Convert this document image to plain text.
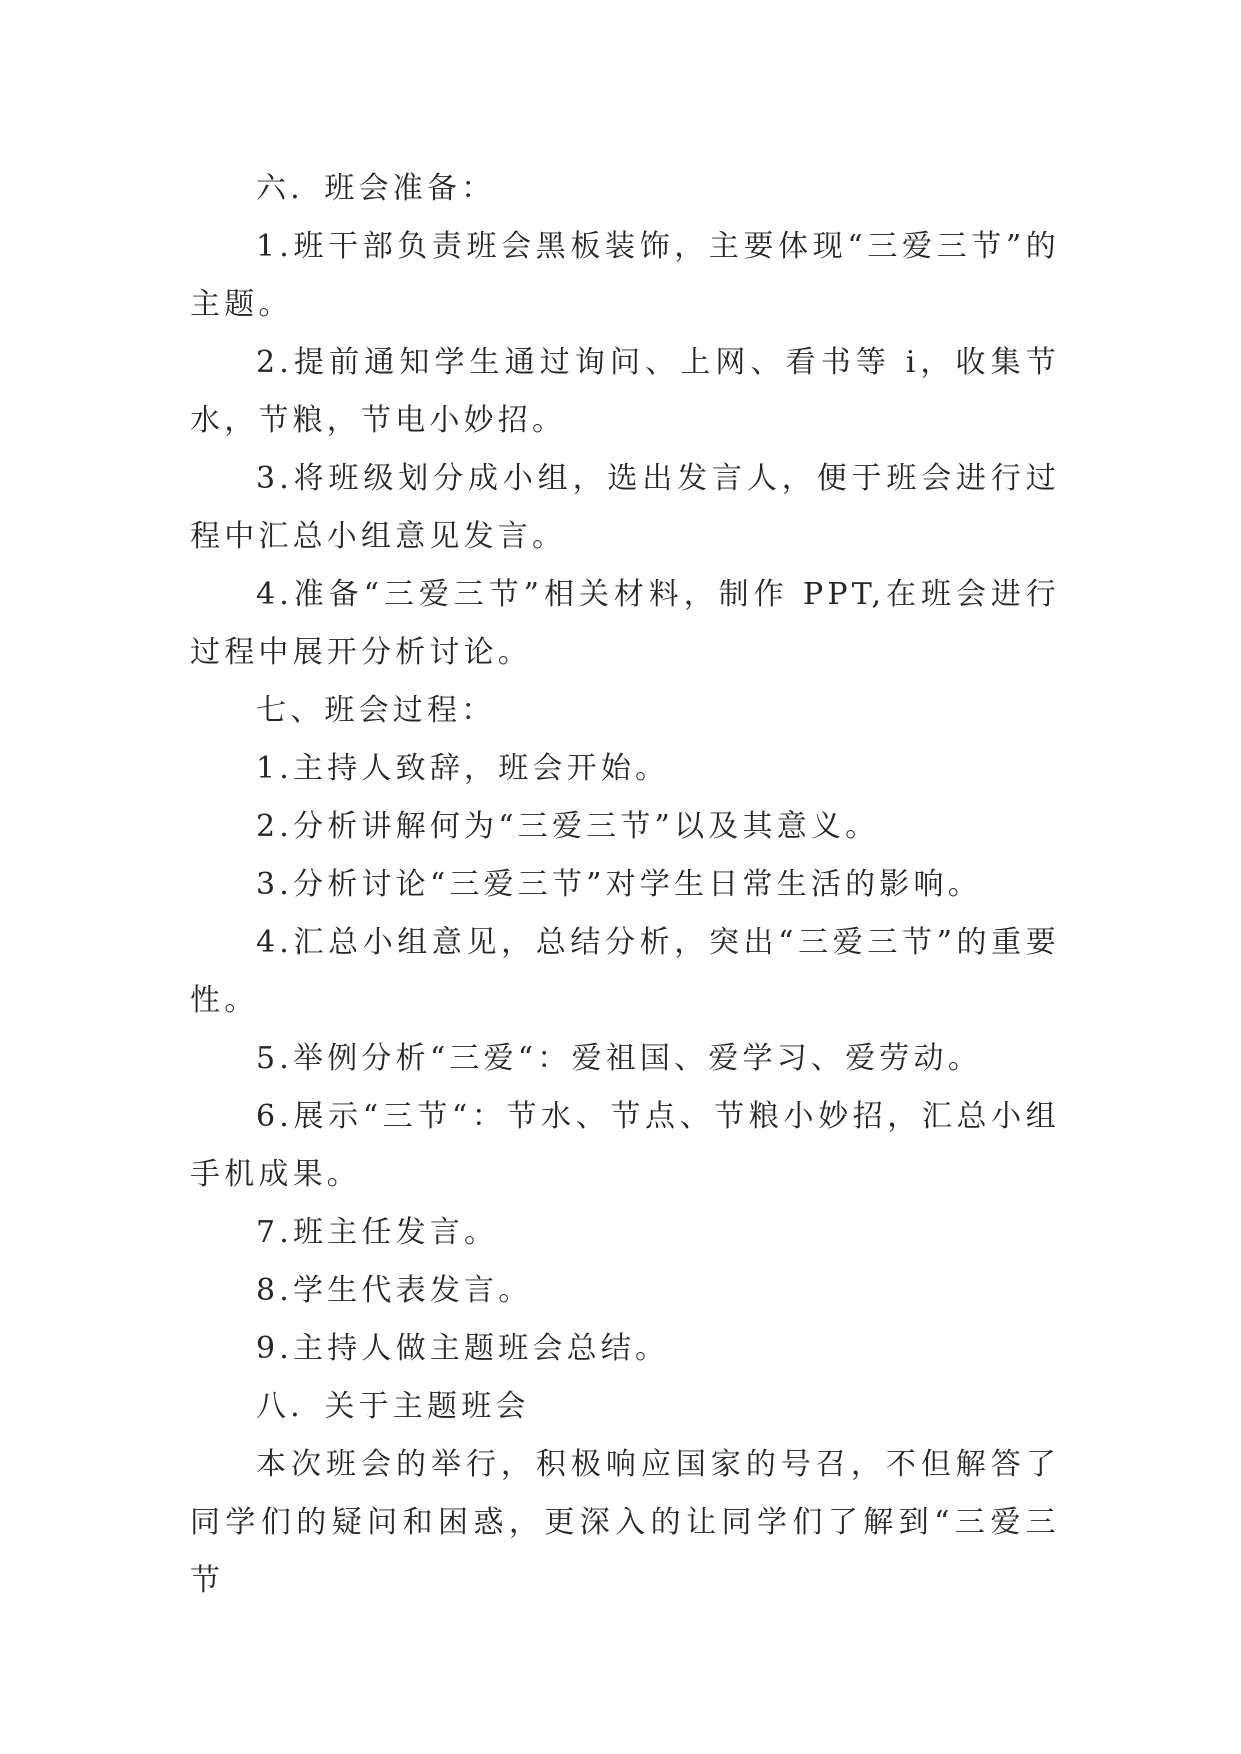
六．班会准备：

1.班干部负责班会黑板装饰，主要体现“三爱三节”的主题。

2.提前通知学生通过询问、上网、看书等 i，收集节水，节粮，节电小妙招。

3.将班级划分成小组，选出发言人，便于班会进行过程中汇总小组意见发言。

4.准备“三爱三节”相关材料，制作 PPT,在班会进行过程中展开分析讨论。

七、班会过程：

1.主持人致辞，班会开始。

2.分析讲解何为“三爱三节”以及其意义。

3.分析讨论“三爱三节”对学生日常生活的影响。

4.汇总小组意见，总结分析，突出“三爱三节”的重要性。

5.举例分析“三爱“：爱祖国、爱学习、爱劳动。

6.展示“三节“：节水、节点、节粮小妙招，汇总小组手机成果。

7.班主任发言。

8.学生代表发言。

9.主持人做主题班会总结。

八．关于主题班会

本次班会的举行，积极响应国家的号召，不但解答了同学们的疑问和困惑，更深入的让同学们了解到“三爱三节
